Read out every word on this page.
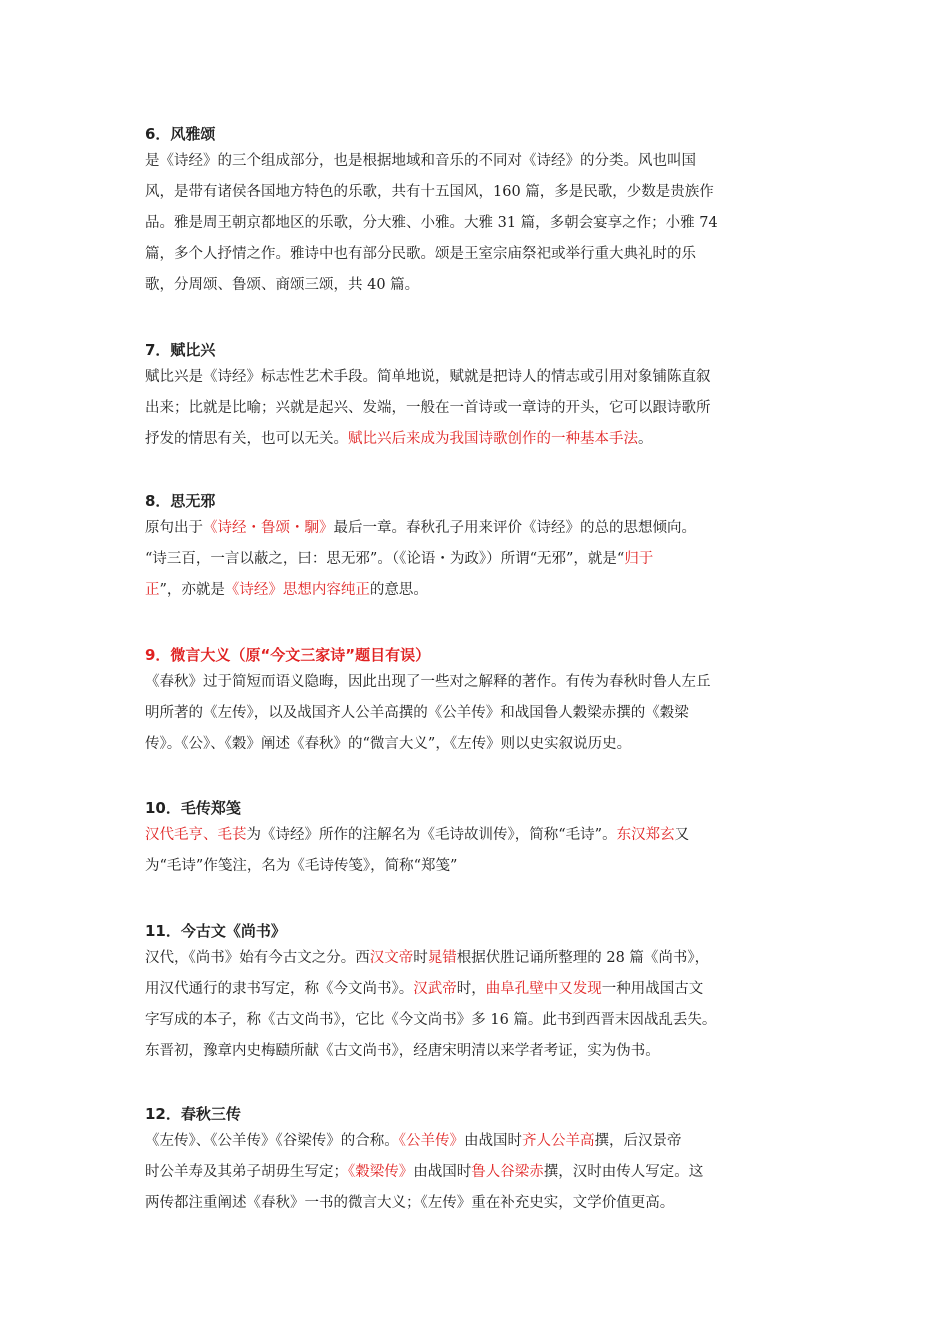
6．风雅颂
是《诗经》的三个组成部分，也是根据地域和音乐的不同对《诗经》的分类。风也叫国
风，是带有诸侯各国地方特色的乐歌，共有十五国风，160 篇，多是民歌，少数是贵族作
品。雅是周王朝京都地区的乐歌，分大雅、小雅。大雅 31 篇，多朝会宴享之作；小雅 74
篇，多个人抒情之作。雅诗中也有部分民歌。颂是王室宗庙祭祀或举行重大典礼时的乐
歌，分周颂、鲁颂、商颂三颂，共 40 篇。
7．赋比兴
赋比兴是《诗经》标志性艺术手段。简单地说，赋就是把诗人的情志或引用对象铺陈直叙
出来；比就是比喻；兴就是起兴、发端，一般在一首诗或一章诗的开头，它可以跟诗歌所
抒发的情思有关，也可以无关。赋比兴后来成为我国诗歌创作的一种基本手法。
8．思无邪
原句出于《诗经・鲁颂・駉》最后一章。春秋孔子用来评价《诗经》的总的思想倾向。
“诗三百，一言以蔽之，曰：思无邪”。（《论语・为政》）所谓“无邪”，就是“归于
正”，亦就是《诗经》思想内容纯正的意思。
9．微言大义（原“今文三家诗”题目有误）
《春秋》过于简短而语义隐晦，因此出现了一些对之解释的著作。有传为春秋时鲁人左丘
明所著的《左传》，以及战国齐人公羊高撰的《公羊传》和战国鲁人穀梁赤撰的《穀梁
传》。《公》、《穀》阐述《春秋》的“微言大义”，《左传》则以史实叙说历史。
10．毛传郑笺
汉代毛亨、毛苌为《诗经》所作的注解名为《毛诗故训传》，简称“毛诗”。东汉郑玄又
为“毛诗”作笺注，名为《毛诗传笺》，简称“郑笺”
11．今古文《尚书》
汉代，《尚书》始有今古文之分。西汉文帝时晁错根据伏胜记诵所整理的 28 篇《尚书》，
用汉代通行的隶书写定，称《今文尚书》。汉武帝时，曲阜孔壁中又发现一种用战国古文
字写成的本子，称《古文尚书》，它比《今文尚书》多 16 篇。此书到西晋末因战乱丢失。
东晋初，豫章内史梅赜所献《古文尚书》，经唐宋明清以来学者考证，实为伪书。
12．春秋三传
《左传》、《公羊传》《谷梁传》的合称。《公羊传》由战国时齐人公羊高撰，后汉景帝
时公羊寿及其弟子胡毋生写定；《穀梁传》由战国时鲁人谷梁赤撰，汉时由传人写定。这
两传都注重阐述《春秋》一书的微言大义；《左传》重在补充史实，文学价值更高。
